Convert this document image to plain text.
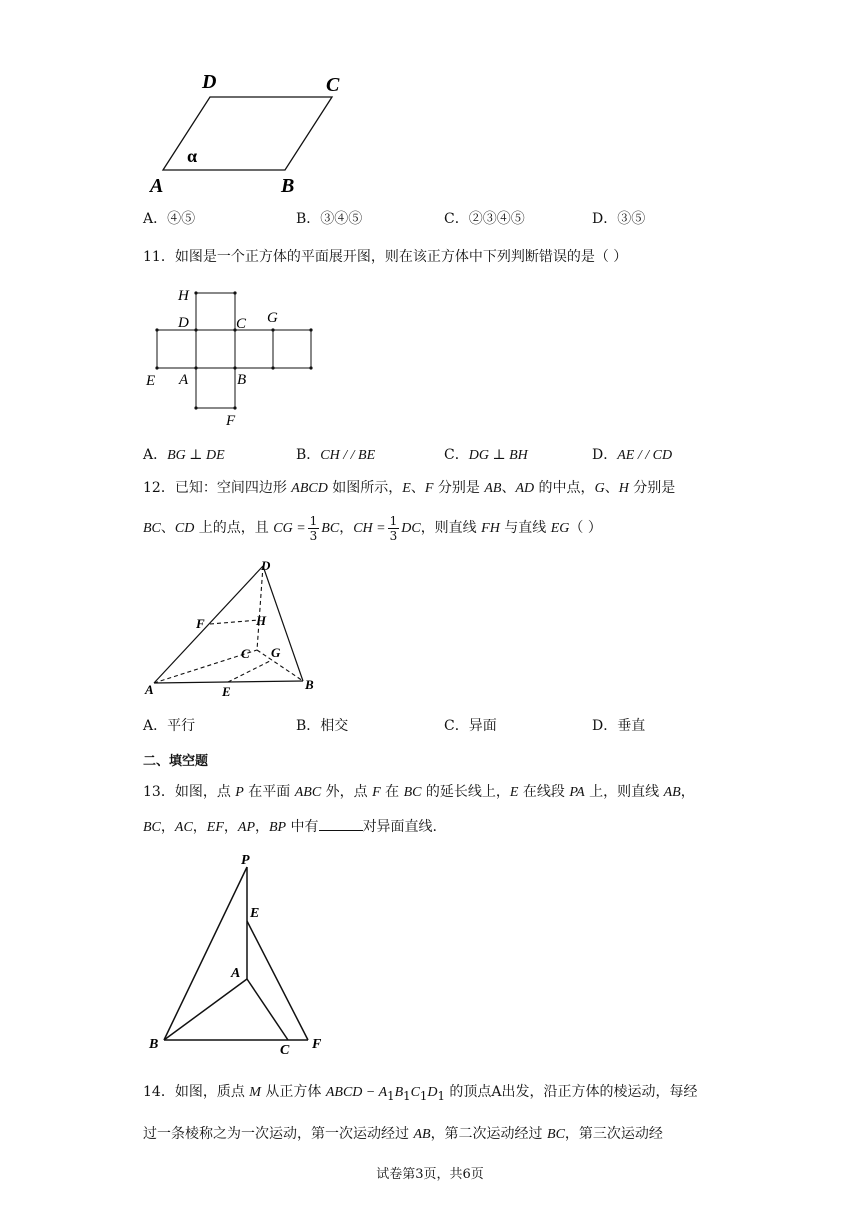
D	C
A	B
α
A．④⑤	B．③④⑤	C．②③④⑤	D．③⑤
11．如图是一个正方体的平面展开图，则在该正方体中下列判断错误的是（ ）
H
D	C G
E A	B
F
A．BG ⊥ DE	B．CH / / BE	C．DG ⊥ BH	D．AE / / CD
12．已知：空间四边形 ABCD 如图所示，E、F 分别是 AB、AD 的中点，G、H 分别是
BC、CD 上的点，且 CG = $\frac{1}{3}$ BC，CH = $\frac{1}{3}$ DC，则直线 FH 与直线 EG（ ）
D
F	H
C G
A	E	B
A．平行	B．相交	C．异面	D．垂直
二、填空题
13．如图，点 P 在平面 ABC 外，点 F 在 BC 的延长线上，E 在线段 PA 上，则直线 AB，
BC，AC，EF，AP，BP 中有	对异面直线.
P
E
A
B	C F
14．如图，质点 M 从正方体 ABCD − $A_1B_1C_1D_1$ 的顶点A出发，沿正方体的棱运动，每经
过一条棱称之为一次运动，第一次运动经过 AB，第二次运动经过 BC，第三次运动经
试卷第3页，共6页
